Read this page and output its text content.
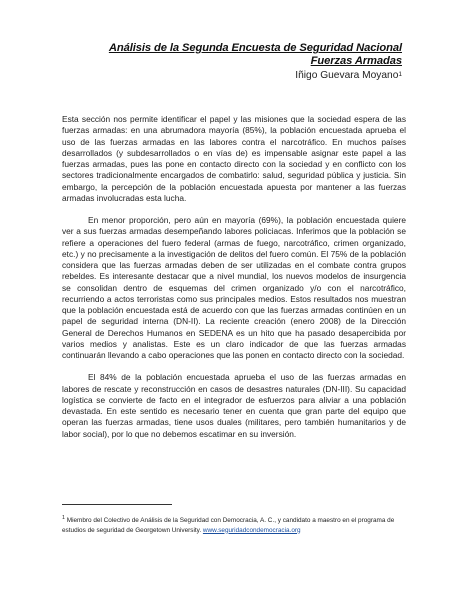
Análisis de la Segunda Encuesta de Seguridad Nacional
Fuerzas Armadas
Iñigo Guevara Moyano$^1$

Esta sección nos permite identificar el papel y las misiones que la sociedad espera de las fuerzas armadas: en una abrumadora mayoría (85%), la población encuestada aprueba el uso de las fuerzas armadas en las labores contra el narcotráfico. En muchos países desarrollados (y subdesarrollados o en vías de) es impensable asignar este papel a las fuerzas armadas, pues las pone en contacto directo con la sociedad y en conflicto con los sectores tradicionalmente encargados de combatirlo: salud, seguridad pública y justicia. Sin embargo, la percepción de la población encuestada apuesta por mantener a las fuerzas armadas involucradas esta lucha.

En menor proporción, pero aún en mayoría (69%), la población encuestada quiere ver a sus fuerzas armadas desempeñando labores policiacas. Inferimos que la población se refiere a operaciones del fuero federal (armas de fuego, narcotráfico, crimen organizado, etc.) y no precisamente a la investigación de delitos del fuero común. El 75% de la población considera que las fuerzas armadas deben de ser utilizadas en el combate contra grupos rebeldes. Es interesante destacar que a nivel mundial, los nuevos modelos de insurgencia se consolidan dentro de esquemas del crimen organizado y/o con el narcotráfico, recurriendo a actos terroristas como sus principales medios. Estos resultados nos muestran que la población encuestada está de acuerdo con que las fuerzas armadas continúen en un papel de seguridad interna (DN-II). La reciente creación (enero 2008) de la Dirección General de Derechos Humanos en SEDENA es un hito que ha pasado desapercibida por varios medios y analistas. Este es un claro indicador de que las fuerzas armadas continuarán llevando a cabo operaciones que las ponen en contacto directo con la sociedad.

El 84% de la población encuestada aprueba el uso de las fuerzas armadas en labores de rescate y reconstrucción en casos de desastres naturales (DN-III). Su capacidad logística se convierte de facto en el integrador de esfuerzos para aliviar a una población devastada. En este sentido es necesario tener en cuenta que gran parte del equipo que operan las fuerzas armadas, tiene usos duales (militares, pero también humanitarios y de labor social), por lo que no debemos escatimar en su inversión.

$^1$ Miembro del Colectivo de Análisis de la Seguridad con Democracia, A. C., y candidato a maestro en el programa de estudios de seguridad de Georgetown University. www.seguridadcondemocracia.org
